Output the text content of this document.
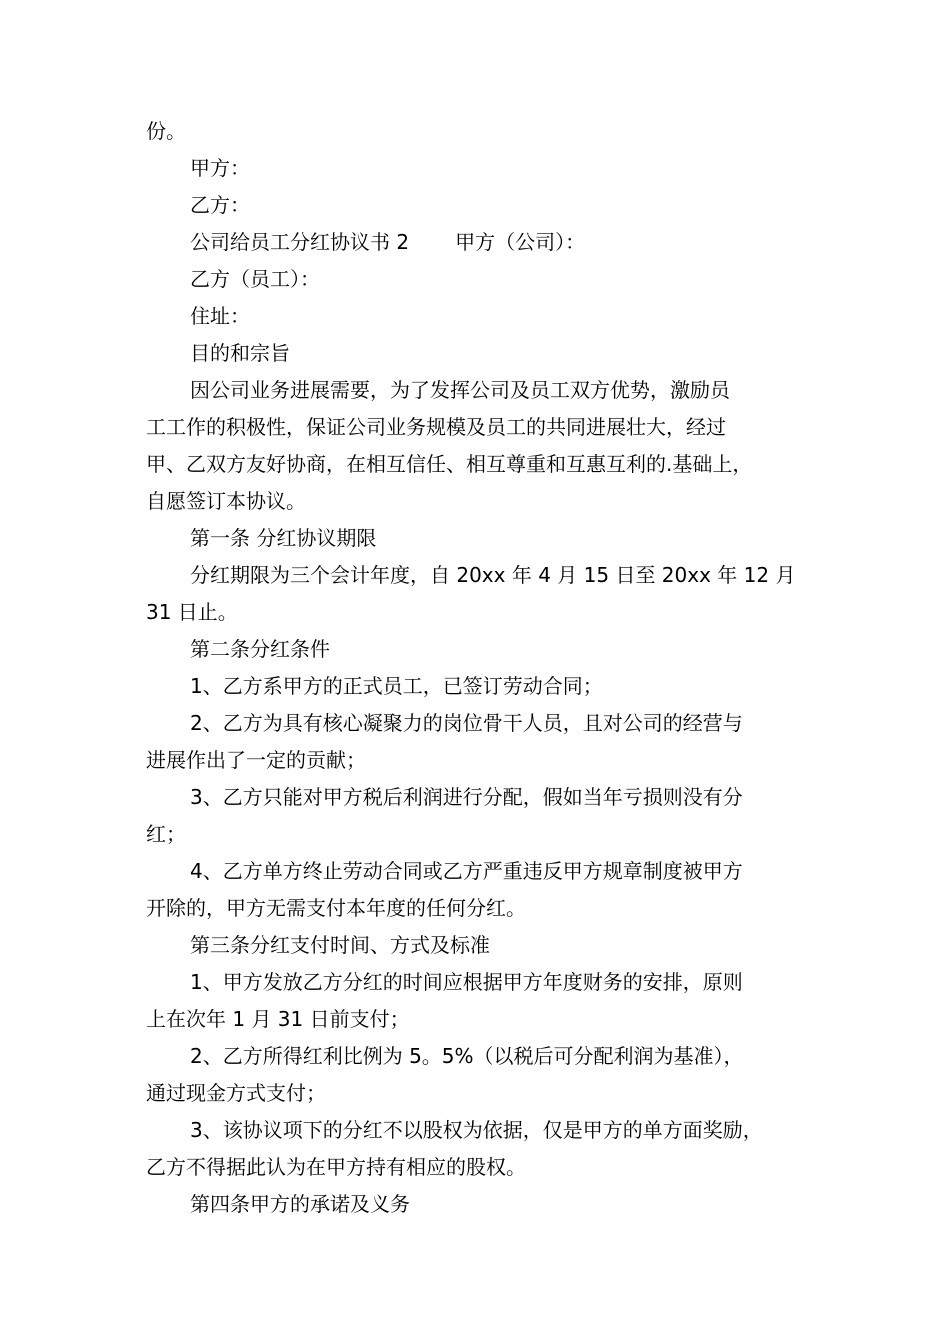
份。

甲方：

乙方：

公司给员工分红协议书 2 甲方（公司）：

乙方（员工）：

住址：

目的和宗旨

因公司业务进展需要，为了发挥公司及员工双方优势，激励员

工工作的积极性，保证公司业务规模及员工的共同进展壮大，经过

甲、乙双方友好协商，在相互信任、相互尊重和互惠互利的.基础上，

自愿签订本协议。

第一条 分红协议期限

分红期限为三个会计年度，自 20xx 年 4 月 15 日至 20xx 年 12 月

31 日止。

第二条分红条件

1、乙方系甲方的正式员工，已签订劳动合同；

2、乙方为具有核心凝聚力的岗位骨干人员，且对公司的经营与

进展作出了一定的贡献；

3、乙方只能对甲方税后利润进行分配，假如当年亏损则没有分

红；

4、乙方单方终止劳动合同或乙方严重违反甲方规章制度被甲方

开除的，甲方无需支付本年度的任何分红。

第三条分红支付时间、方式及标准

1、甲方发放乙方分红的时间应根据甲方年度财务的安排，原则

上在次年 1 月 31 日前支付；

2、乙方所得红利比例为 5。5%（以税后可分配利润为基准），

通过现金方式支付；

3、该协议项下的分红不以股权为依据，仅是甲方的单方面奖励，

乙方不得据此认为在甲方持有相应的股权。

第四条甲方的承诺及义务
